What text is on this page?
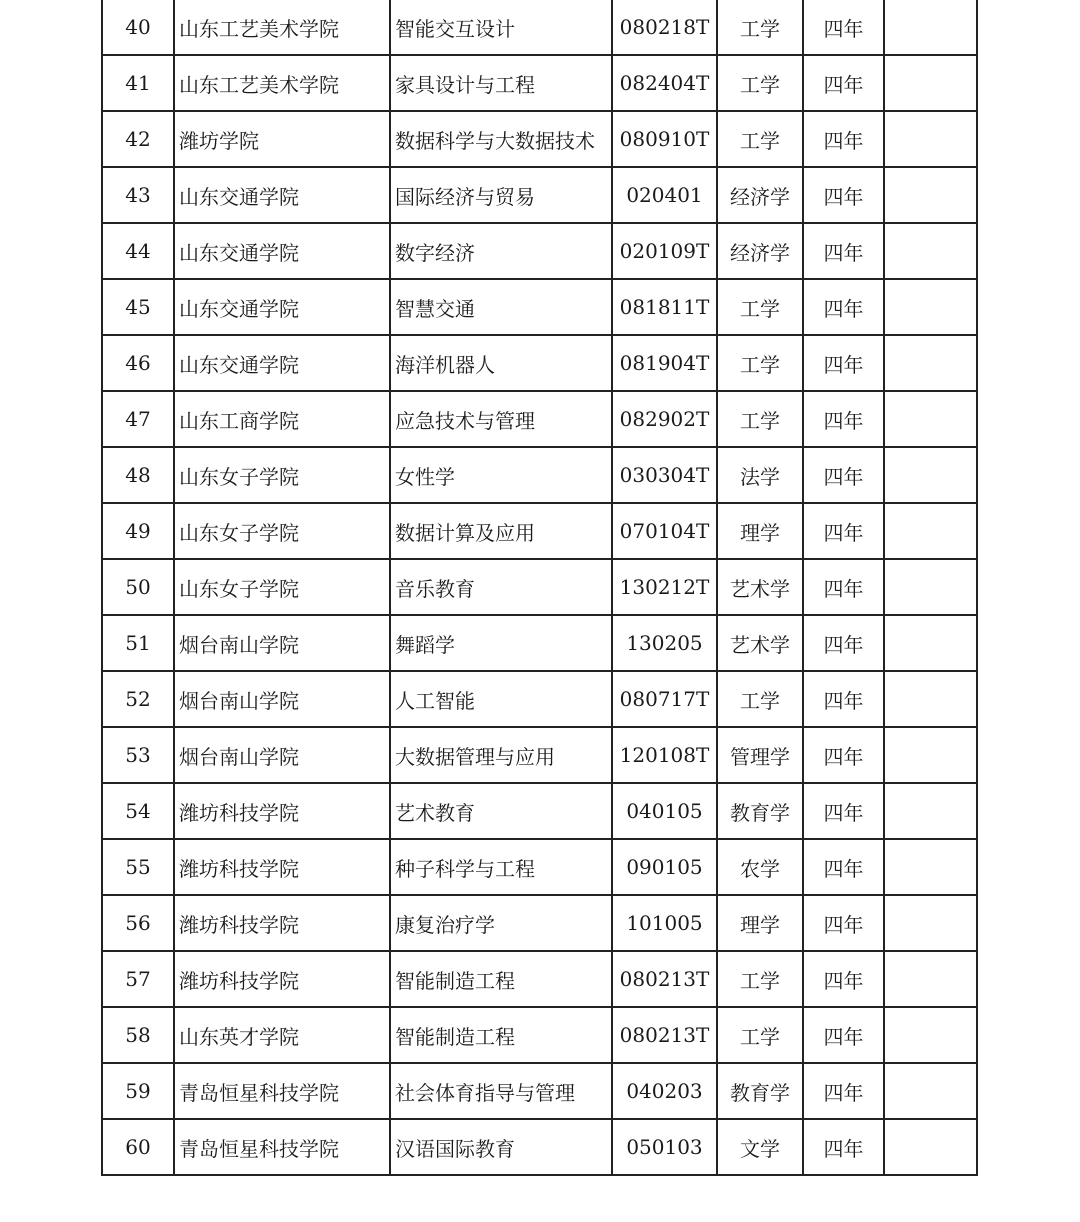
40	山东工艺美术学院	智能交互设计	080218T	工学	四年	
41	山东工艺美术学院	家具设计与工程	082404T	工学	四年	
42	潍坊学院	数据科学与大数据技术	080910T	工学	四年	
43	山东交通学院	国际经济与贸易	020401	经济学	四年	
44	山东交通学院	数字经济	020109T	经济学	四年	
45	山东交通学院	智慧交通	081811T	工学	四年	
46	山东交通学院	海洋机器人	081904T	工学	四年	
47	山东工商学院	应急技术与管理	082902T	工学	四年	
48	山东女子学院	女性学	030304T	法学	四年	
49	山东女子学院	数据计算及应用	070104T	理学	四年	
50	山东女子学院	音乐教育	130212T	艺术学	四年	
51	烟台南山学院	舞蹈学	130205	艺术学	四年	
52	烟台南山学院	人工智能	080717T	工学	四年	
53	烟台南山学院	大数据管理与应用	120108T	管理学	四年	
54	潍坊科技学院	艺术教育	040105	教育学	四年	
55	潍坊科技学院	种子科学与工程	090105	农学	四年	
56	潍坊科技学院	康复治疗学	101005	理学	四年	
57	潍坊科技学院	智能制造工程	080213T	工学	四年	
58	山东英才学院	智能制造工程	080213T	工学	四年	
59	青岛恒星科技学院	社会体育指导与管理	040203	教育学	四年	
60	青岛恒星科技学院	汉语国际教育	050103	文学	四年	
